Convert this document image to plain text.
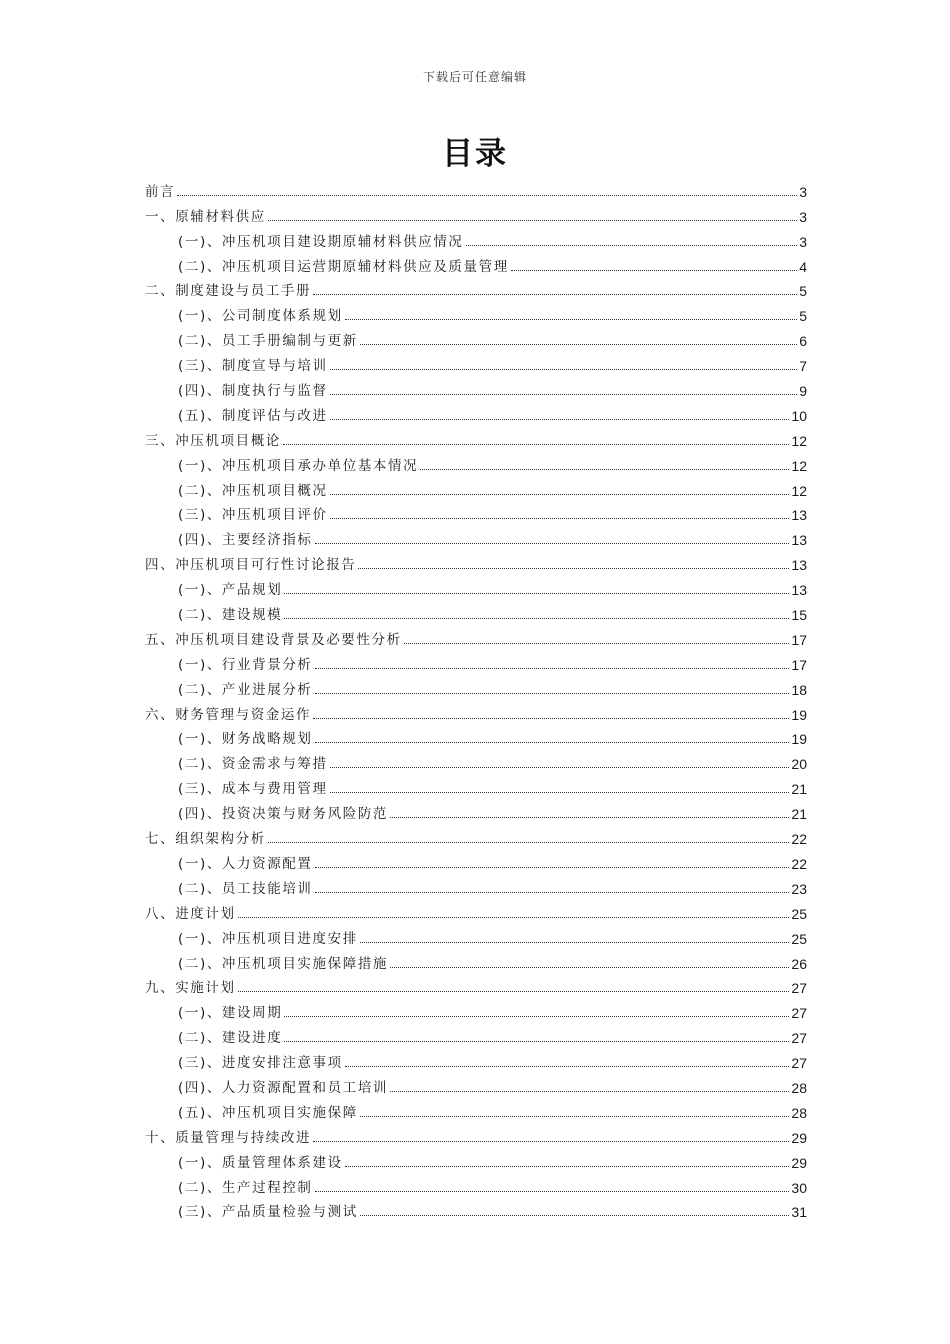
下载后可任意编辑
目录
前言	3
一、原辅材料供应	3
(一)、冲压机项目建设期原辅材料供应情况	3
(二)、冲压机项目运营期原辅材料供应及质量管理	4
二、制度建设与员工手册	5
(一)、公司制度体系规划	5
(二)、员工手册编制与更新	6
(三)、制度宣导与培训	7
(四)、制度执行与监督	9
(五)、制度评估与改进	10
三、冲压机项目概论	12
(一)、冲压机项目承办单位基本情况	12
(二)、冲压机项目概况	12
(三)、冲压机项目评价	13
(四)、主要经济指标	13
四、冲压机项目可行性讨论报告	13
(一)、产品规划	13
(二)、建设规模	15
五、冲压机项目建设背景及必要性分析	17
(一)、行业背景分析	17
(二)、产业进展分析	18
六、财务管理与资金运作	19
(一)、财务战略规划	19
(二)、资金需求与筹措	20
(三)、成本与费用管理	21
(四)、投资决策与财务风险防范	21
七、组织架构分析	22
(一)、人力资源配置	22
(二)、员工技能培训	23
八、进度计划	25
(一)、冲压机项目进度安排	25
(二)、冲压机项目实施保障措施	26
九、实施计划	27
(一)、建设周期	27
(二)、建设进度	27
(三)、进度安排注意事项	27
(四)、人力资源配置和员工培训	28
(五)、冲压机项目实施保障	28
十、质量管理与持续改进	29
(一)、质量管理体系建设	29
(二)、生产过程控制	30
(三)、产品质量检验与测试	31
